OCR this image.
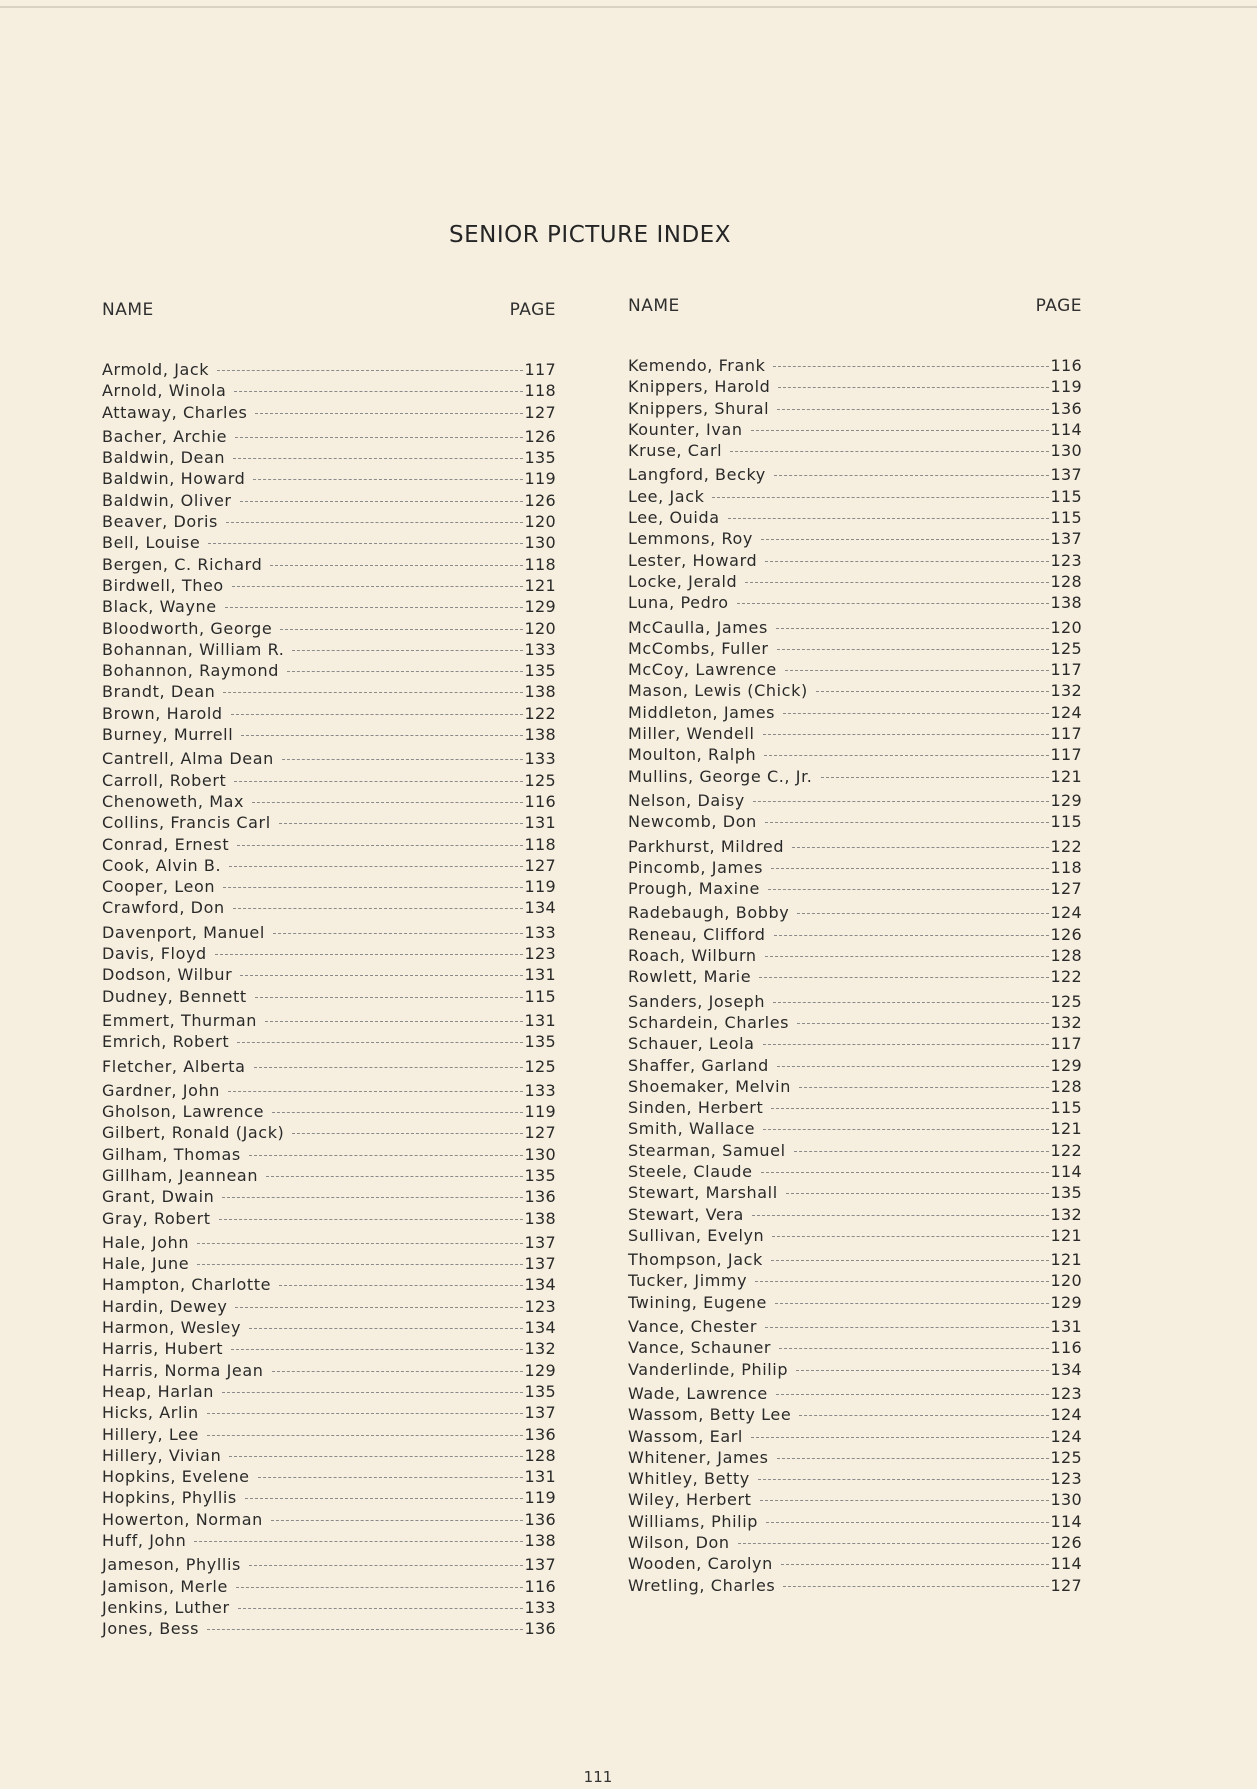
SENIOR PICTURE INDEX
NAME	PAGE
Armold, Jack	117
Arnold, Winola	118
Attaway, Charles	127
Bacher, Archie	126
Baldwin, Dean	135
Baldwin, Howard	119
Baldwin, Oliver	126
Beaver, Doris	120
Bell, Louise	130
Bergen, C. Richard	118
Birdwell, Theo	121
Black, Wayne	129
Bloodworth, George	120
Bohannan, William R.	133
Bohannon, Raymond	135
Brandt, Dean	138
Brown, Harold	122
Burney, Murrell	138
Cantrell, Alma Dean	133
Carroll, Robert	125
Chenoweth, Max	116
Collins, Francis Carl	131
Conrad, Ernest	118
Cook, Alvin B.	127
Cooper, Leon	119
Crawford, Don	134
Davenport, Manuel	133
Davis, Floyd	123
Dodson, Wilbur	131
Dudney, Bennett	115
Emmert, Thurman	131
Emrich, Robert	135
Fletcher, Alberta	125
Gardner, John	133
Gholson, Lawrence	119
Gilbert, Ronald (Jack)	127
Gilham, Thomas	130
Gillham, Jeannean	135
Grant, Dwain	136
Gray, Robert	138
Hale, John	137
Hale, June	137
Hampton, Charlotte	134
Hardin, Dewey	123
Harmon, Wesley	134
Harris, Hubert	132
Harris, Norma Jean	129
Heap, Harlan	135
Hicks, Arlin	137
Hillery, Lee	136
Hillery, Vivian	128
Hopkins, Evelene	131
Hopkins, Phyllis	119
Howerton, Norman	136
Huff, John	138
Jameson, Phyllis	137
Jamison, Merle	116
Jenkins, Luther	133
Jones, Bess	136
NAME	PAGE
Kemendo, Frank	116
Knippers, Harold	119
Knippers, Shural	136
Kounter, Ivan	114
Kruse, Carl	130
Langford, Becky	137
Lee, Jack	115
Lee, Ouida	115
Lemmons, Roy	137
Lester, Howard	123
Locke, Jerald	128
Luna, Pedro	138
McCaulla, James	120
McCombs, Fuller	125
McCoy, Lawrence	117
Mason, Lewis (Chick)	132
Middleton, James	124
Miller, Wendell	117
Moulton, Ralph	117
Mullins, George C., Jr.	121
Nelson, Daisy	129
Newcomb, Don	115
Parkhurst, Mildred	122
Pincomb, James	118
Prough, Maxine	127
Radebaugh, Bobby	124
Reneau, Clifford	126
Roach, Wilburn	128
Rowlett, Marie	122
Sanders, Joseph	125
Schardein, Charles	132
Schauer, Leola	117
Shaffer, Garland	129
Shoemaker, Melvin	128
Sinden, Herbert	115
Smith, Wallace	121
Stearman, Samuel	122
Steele, Claude	114
Stewart, Marshall	135
Stewart, Vera	132
Sullivan, Evelyn	121
Thompson, Jack	121
Tucker, Jimmy	120
Twining, Eugene	129
Vance, Chester	131
Vance, Schauner	116
Vanderlinde, Philip	134
Wade, Lawrence	123
Wassom, Betty Lee	124
Wassom, Earl	124
Whitener, James	125
Whitley, Betty	123
Wiley, Herbert	130
Williams, Philip	114
Wilson, Don	126
Wooden, Carolyn	114
Wretling, Charles	127
111
